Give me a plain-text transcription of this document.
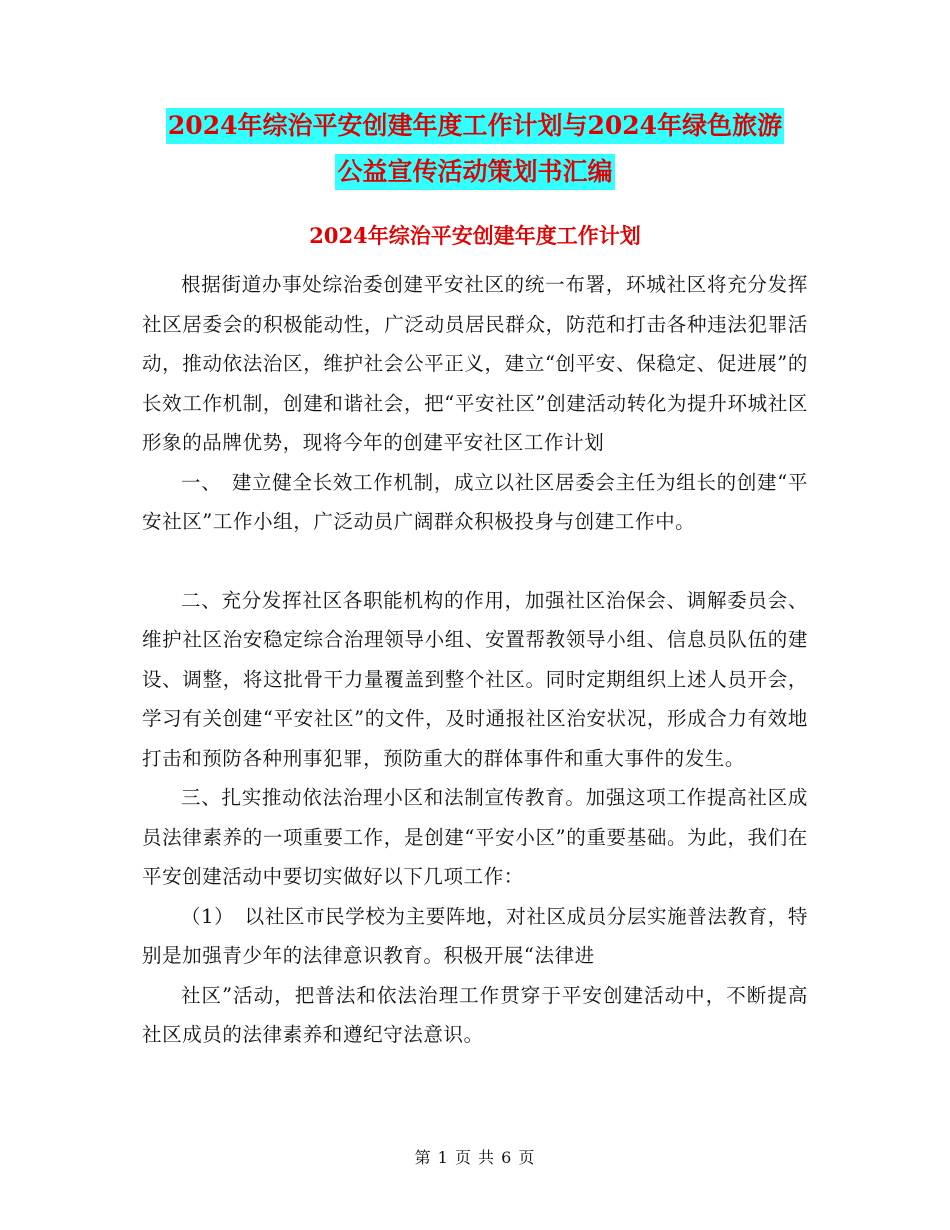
2024年综治平安创建年度工作计划与2024年绿色旅游
公益宣传活动策划书汇编
2024年综治平安创建年度工作计划

根据街道办事处综治委创建平安社区的统一布署，环城社区将充分发挥社区居委会的积极能动性，广泛动员居民群众，防范和打击各种违法犯罪活动，推动依法治区，维护社会公平正义，建立“创平安、保稳定、促进展”的长效工作机制，创建和谐社会，把“平安社区”创建活动转化为提升环城社区形象的品牌优势，现将今年的创建平安社区工作计划

一、　建立健全长效工作机制，成立以社区居委会主任为组长的创建“平安社区”工作小组，广泛动员广阔群众积极投身与创建工作中。

二、充分发挥社区各职能机构的作用，加强社区治保会、调解委员会、维护社区治安稳定综合治理领导小组、安置帮教领导小组、信息员队伍的建设、调整，将这批骨干力量覆盖到整个社区。同时定期组织上述人员开会，学习有关创建“平安社区”的文件，及时通报社区治安状况，形成合力有效地打击和预防各种刑事犯罪，预防重大的群体事件和重大事件的发生。

三、扎实推动依法治理小区和法制宣传教育。加强这项工作提高社区成员法律素养的一项重要工作，是创建“平安小区”的重要基础。为此，我们在平安创建活动中要切实做好以下几项工作：

（1）　以社区市民学校为主要阵地，对社区成员分层实施普法教育，特别是加强青少年的法律意识教育。积极开展“法律进

社区”活动，把普法和依法治理工作贯穿于平安创建活动中，不断提高社区成员的法律素养和遵纪守法意识。

第 1 页 共 6 页
